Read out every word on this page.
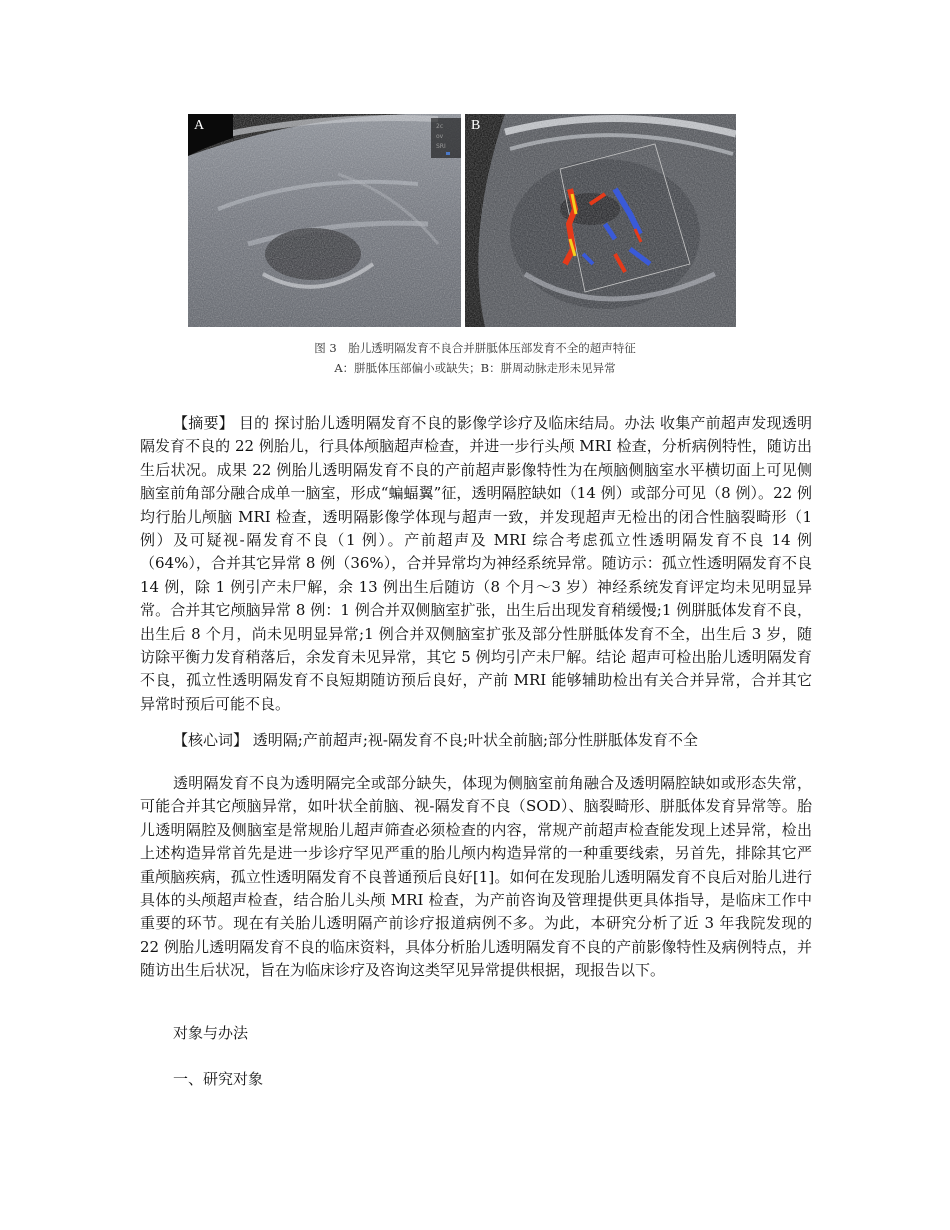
2c
ov
SRI
A	B
图 3　胎儿透明隔发育不良合并胼胝体压部发育不全的超声特征
A：胼胝体压部偏小或缺失；B：胼周动脉走形未见异常
【摘要】 目的 探讨胎儿透明隔发育不良的影像学诊疗及临床结局。办法 收集产前超声发现透明隔发育不良的 22 例胎儿，行具体颅脑超声检查，并进一步行头颅 MRI 检查，分析病例特性，随访出生后状况。成果 22 例胎儿透明隔发育不良的产前超声影像特性为在颅脑侧脑室水平横切面上可见侧脑室前角部分融合成单一脑室，形成“蝙蝠翼”征，透明隔腔缺如（14 例）或部分可见（8 例）。22 例均行胎儿颅脑 MRI 检查，透明隔影像学体现与超声一致，并发现超声无检出的闭合性脑裂畸形（1 例）及可疑视-隔发育不良（1 例）。产前超声及 MRI 综合考虑孤立性透明隔发育不良 14 例（64%），合并其它异常 8 例（36%），合并异常均为神经系统异常。随访示：孤立性透明隔发育不良 14 例，除 1 例引产未尸解，余 13 例出生后随访（8 个月～3 岁）神经系统发育评定均未见明显异常。合并其它颅脑异常 8 例：1 例合并双侧脑室扩张，出生后出现发育稍缓慢;1 例胼胝体发育不良，出生后 8 个月，尚未见明显异常;1 例合并双侧脑室扩张及部分性胼胝体发育不全，出生后 3 岁，随访除平衡力发育稍落后，余发育未见异常，其它 5 例均引产未尸解。结论 超声可检出胎儿透明隔发育不良，孤立性透明隔发育不良短期随访预后良好，产前 MRI 能够辅助检出有关合并异常，合并其它异常时预后可能不良。
【核心词】 透明隔;产前超声;视-隔发育不良;叶状全前脑;部分性胼胝体发育不全
透明隔发育不良为透明隔完全或部分缺失，体现为侧脑室前角融合及透明隔腔缺如或形态失常，可能合并其它颅脑异常，如叶状全前脑、视-隔发育不良（SOD）、脑裂畸形、胼胝体发育异常等。胎儿透明隔腔及侧脑室是常规胎儿超声筛查必须检查的内容，常规产前超声检查能发现上述异常，检出上述构造异常首先是进一步诊疗罕见严重的胎儿颅内构造异常的一种重要线索，另首先，排除其它严重颅脑疾病，孤立性透明隔发育不良普通预后良好[1]。如何在发现胎儿透明隔发育不良后对胎儿进行具体的头颅超声检查，结合胎儿头颅 MRI 检查，为产前咨询及管理提供更具体指导，是临床工作中重要的环节。现在有关胎儿透明隔产前诊疗报道病例不多。为此，本研究分析了近 3 年我院发现的 22 例胎儿透明隔发育不良的临床资料，具体分析胎儿透明隔发育不良的产前影像特性及病例特点，并随访出生后状况，旨在为临床诊疗及咨询这类罕见异常提供根据，现报告以下。
对象与办法
一、研究对象
